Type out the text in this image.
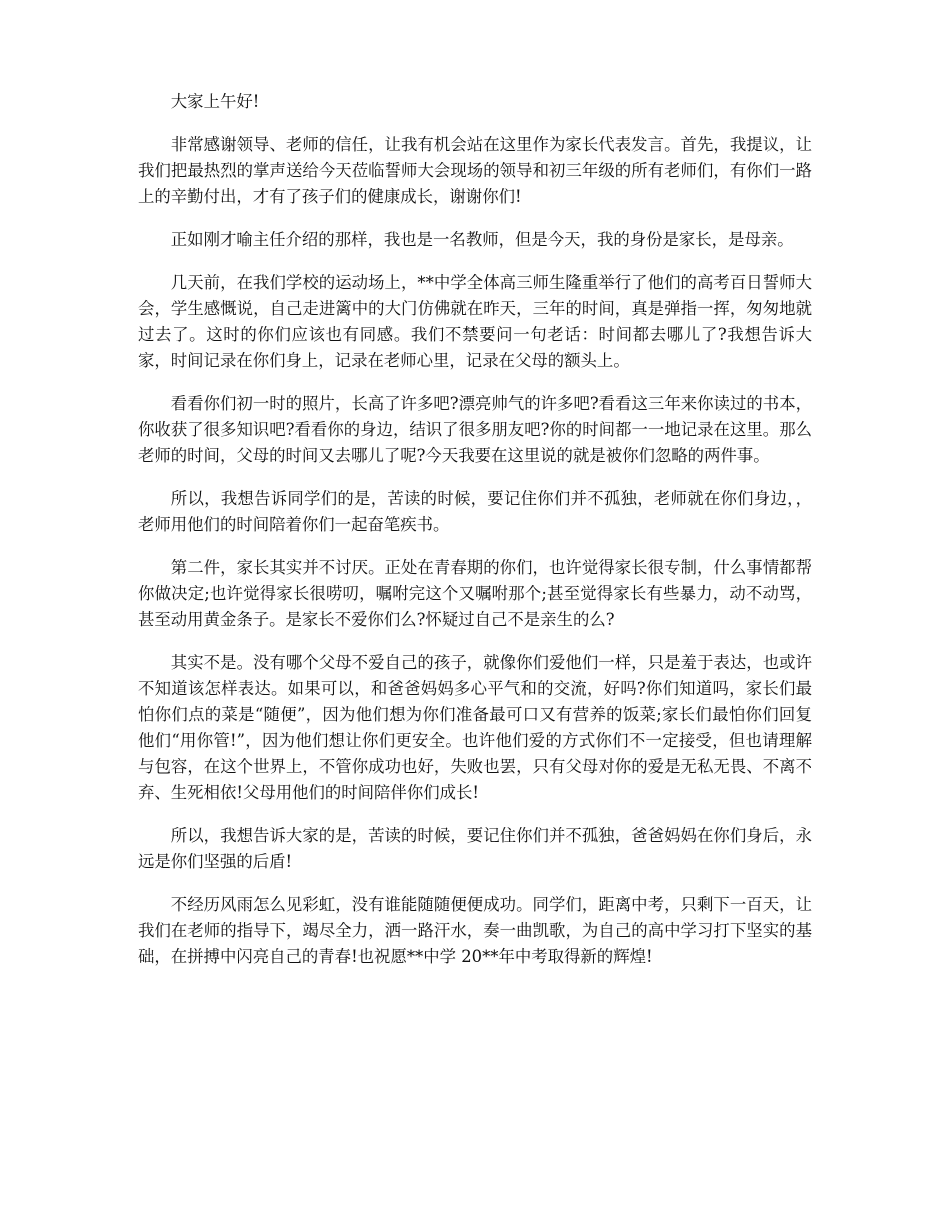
大家上午好!

非常感谢领导、老师的信任，让我有机会站在这里作为家长代表发言。首先，我提议，让我们把最热烈的掌声送给今天莅临誓师大会现场的领导和初三年级的所有老师们，有你们一路上的辛勤付出，才有了孩子们的健康成长，谢谢你们!

正如刚才喻主任介绍的那样，我也是一名教师，但是今天，我的身份是家长，是母亲。

几天前，在我们学校的运动场上，**中学全体高三师生隆重举行了他们的高考百日誓师大会，学生感慨说，自己走进篱中的大门仿佛就在昨天，三年的时间，真是弹指一挥，匆匆地就过去了。这时的你们应该也有同感。我们不禁要问一句老话：时间都去哪儿了?我想告诉大家，时间记录在你们身上，记录在老师心里，记录在父母的额头上。

看看你们初一时的照片，长高了许多吧?漂亮帅气的许多吧?看看这三年来你读过的书本，你收获了很多知识吧?看看你的身边，结识了很多朋友吧?你的时间都一一地记录在这里。那么老师的时间，父母的时间又去哪儿了呢?今天我要在这里说的就是被你们忽略的两件事。

所以，我想告诉同学们的是，苦读的时候，要记住你们并不孤独，老师就在你们身边，，老师用他们的时间陪着你们一起奋笔疾书。

第二件，家长其实并不讨厌。正处在青春期的你们，也许觉得家长很专制，什么事情都帮你做决定;也许觉得家长很唠叨，嘱咐完这个又嘱咐那个;甚至觉得家长有些暴力，动不动骂，甚至动用黄金条子。是家长不爱你们么?怀疑过自己不是亲生的么?

其实不是。没有哪个父母不爱自己的孩子，就像你们爱他们一样，只是羞于表达，也或许不知道该怎样表达。如果可以，和爸爸妈妈多心平气和的交流，好吗?你们知道吗，家长们最怕你们点的菜是“随便”，因为他们想为你们准备最可口又有营养的饭菜;家长们最怕你们回复他们“用你管!”，因为他们想让你们更安全。也许他们爱的方式你们不一定接受，但也请理解与包容，在这个世界上，不管你成功也好，失败也罢，只有父母对你的爱是无私无畏、不离不弃、生死相依!父母用他们的时间陪伴你们成长!

所以，我想告诉大家的是，苦读的时候，要记住你们并不孤独，爸爸妈妈在你们身后，永远是你们坚强的后盾!

不经历风雨怎么见彩虹，没有谁能随随便便成功。同学们，距离中考，只剩下一百天，让我们在老师的指导下，竭尽全力，洒一路汗水，奏一曲凯歌，为自己的高中学习打下坚实的基础，在拼搏中闪亮自己的青春!也祝愿**中学 20**年中考取得新的辉煌!
